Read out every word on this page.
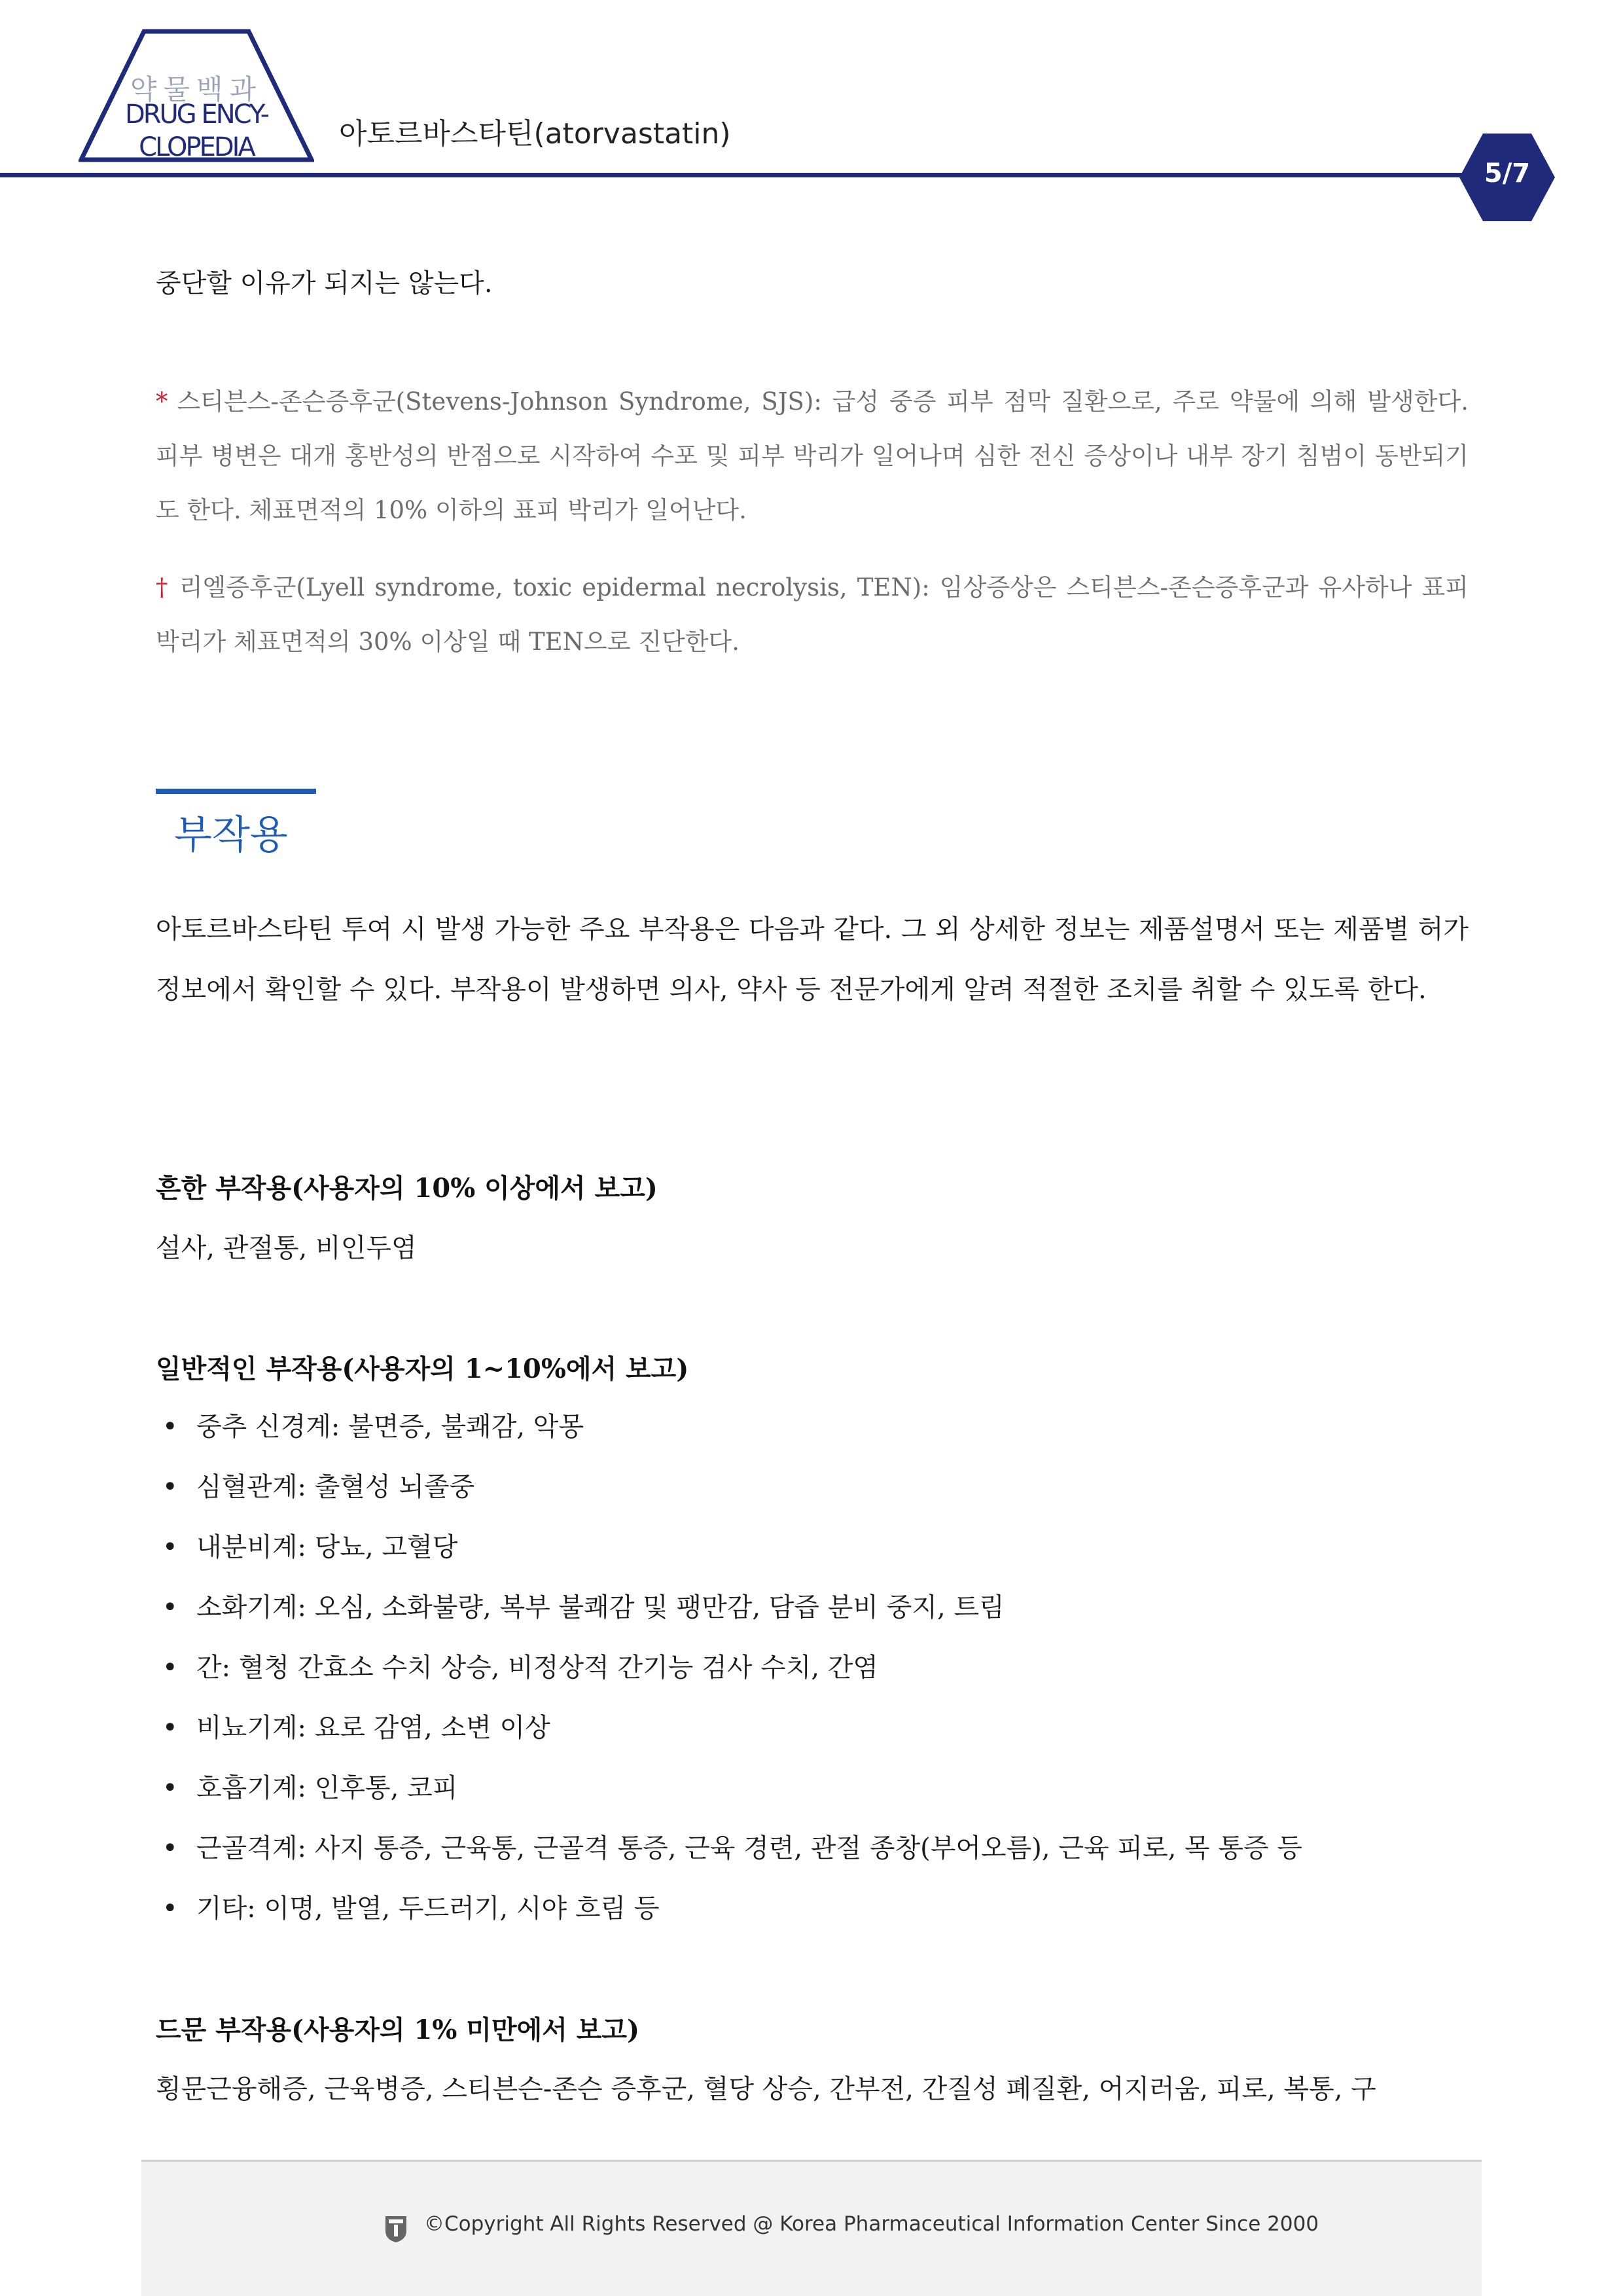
약물백과
DRUG ENCY-
CLOPEDIA	아토르바스타틴(atorvastatin)
5/7

중단할 이유가 되지는 않는다.

* 스티븐스-존슨증후군(Stevens-Johnson Syndrome, SJS): 급성 중증 피부 점막 질환으로, 주로 약물에 의해 발생한다. 피부 병변은 대개 홍반성의 반점으로 시작하여 수포 및 피부 박리가 일어나며 심한 전신 증상이나 내부 장기 침범이 동반되기도 한다. 체표면적의 10% 이하의 표피 박리가 일어난다.

† 리엘증후군(Lyell syndrome, toxic epidermal necrolysis, TEN): 임상증상은 스티븐스-존슨증후군과 유사하나 표피 박리가 체표면적의 30% 이상일 때 TEN으로 진단한다.

부작용

아토르바스타틴 투여 시 발생 가능한 주요 부작용은 다음과 같다. 그 외 상세한 정보는 제품설명서 또는 제품별 허가정보에서 확인할 수 있다. 부작용이 발생하면 의사, 약사 등 전문가에게 알려 적절한 조치를 취할 수 있도록 한다.

흔한 부작용(사용자의 10% 이상에서 보고)
설사, 관절통, 비인두염
일반적인 부작용(사용자의 1~10%에서 보고)
• 중추 신경계: 불면증, 불쾌감, 악몽
• 심혈관계: 출혈성 뇌졸중
• 내분비계: 당뇨, 고혈당
• 소화기계: 오심, 소화불량, 복부 불쾌감 및 팽만감, 담즙 분비 중지, 트림
• 간: 혈청 간효소 수치 상승, 비정상적 간기능 검사 수치, 간염
• 비뇨기계: 요로 감염, 소변 이상
• 호흡기계: 인후통, 코피
• 근골격계: 사지 통증, 근육통, 근골격 통증, 근육 경련, 관절 종창(부어오름), 근육 피로, 목 통증 등
• 기타: 이명, 발열, 두드러기, 시야 흐림 등
드문 부작용(사용자의 1% 미만에서 보고)
횡문근융해증, 근육병증, 스티븐슨-존슨 증후군, 혈당 상승, 간부전, 간질성 폐질환, 어지러움, 피로, 복통, 구
©Copyright All Rights Reserved @ Korea Pharmaceutical Information Center Since 2000
